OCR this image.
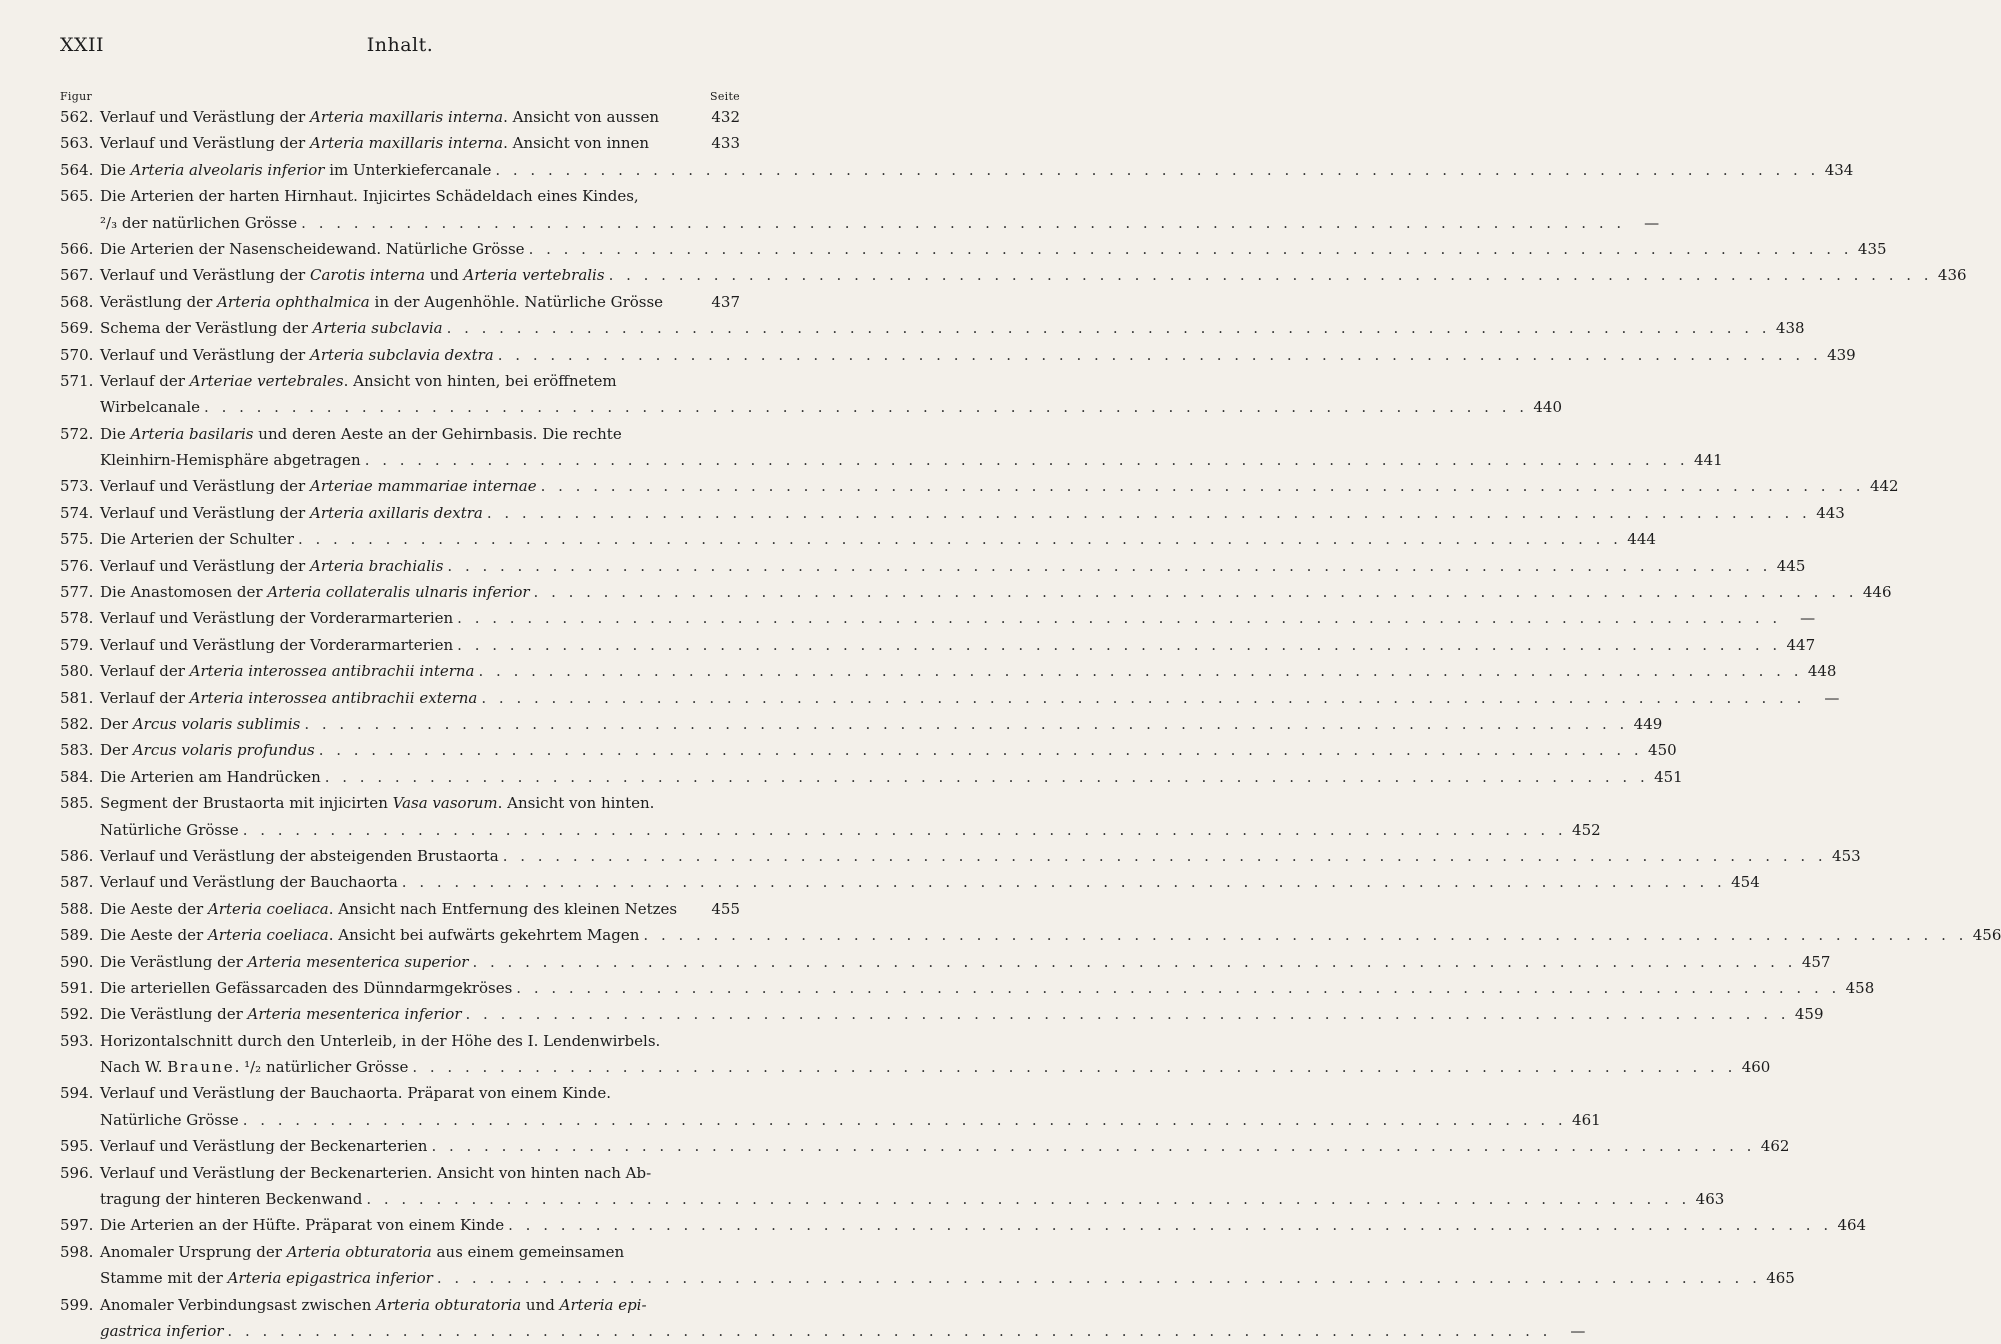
XXII	Inhalt.
Figur	Seite
562. Verlauf und Verästlung der Arteria maxillaris interna. Ansicht von aussen	432
563. Verlauf und Verästlung der Arteria maxillaris interna. Ansicht von innen	433
564. Die Arteria alveolaris inferior im Unterkiefercanale . . .	434
565. Die Arterien der harten Hirnhaut. Injicirtes Schädeldach eines Kindes,
²/₃ der natürlichen Grösse . . .	—
566. Die Arterien der Nasenscheidewand. Natürliche Grösse . . .	435
567. Verlauf und Verästlung der Carotis interna und Arteria vertebralis . . .	436
568. Verästlung der Arteria ophthalmica in der Augenhöhle. Natürliche Grösse	437
569. Schema der Verästlung der Arteria subclavia . . .	438
570. Verlauf und Verästlung der Arteria subclavia dextra . . .	439
571. Verlauf der Arteriae vertebrales. Ansicht von hinten, bei eröffnetem
Wirbelcanale . . .	440
572. Die Arteria basilaris und deren Aeste an der Gehirnbasis. Die rechte
Kleinhirn-Hemisphäre abgetragen . . .	441
573. Verlauf und Verästlung der Arteriae mammariae internae . . .	442
574. Verlauf und Verästlung der Arteria axillaris dextra . . .	443
575. Die Arterien der Schulter . . .	444
576. Verlauf und Verästlung der Arteria brachialis . . .	445
577. Die Anastomosen der Arteria collateralis ulnaris inferior . . .	446
578. Verlauf und Verästlung der Vorderarmarterien . . .	—
579. Verlauf und Verästlung der Vorderarmarterien . . .	447
580. Verlauf der Arteria interossea antibrachii interna . . .	448
581. Verlauf der Arteria interossea antibrachii externa . . .	—
582. Der Arcus volaris sublimis . . .	449
583. Der Arcus volaris profundus . . .	450
584. Die Arterien am Handrücken . . .	451
585. Segment der Brustaorta mit injicirten Vasa vasorum. Ansicht von hinten.
Natürliche Grösse . . .	452
586. Verlauf und Verästlung der absteigenden Brustaorta . . .	453
587. Verlauf und Verästlung der Bauchaorta . . .	454
588. Die Aeste der Arteria coeliaca. Ansicht nach Entfernung des kleinen Netzes 455
589. Die Aeste der Arteria coeliaca. Ansicht bei aufwärts gekehrtem Magen . . .	456
590. Die Verästlung der Arteria mesenterica superior . . .	457
591. Die arteriellen Gefässarcaden des Dünndarmgekröses . . .	458
592. Die Verästlung der Arteria mesenterica inferior . . .	459
593. Horizontalschnitt durch den Unterleib, in der Höhe des I. Lendenwirbels.
Nach W. Braune. ¹/₂ natürlicher Grösse . . .	460
594. Verlauf und Verästlung der Bauchaorta. Präparat von einem Kinde.
Natürliche Grösse . . .	461
595. Verlauf und Verästlung der Beckenarterien . . .	462
596. Verlauf und Verästlung der Beckenarterien. Ansicht von hinten nach Ab-
tragung der hinteren Beckenwand . . .	463
597. Die Arterien an der Hüfte. Präparat von einem Kinde . . .	464
598. Anomaler Ursprung der Arteria obturatoria aus einem gemeinsamen
Stamme mit der Arteria epigastrica inferior . . .	465
599. Anomaler Verbindungsast zwischen Arteria obturatoria und Arteria epi-
gastrica inferior . . .	—
